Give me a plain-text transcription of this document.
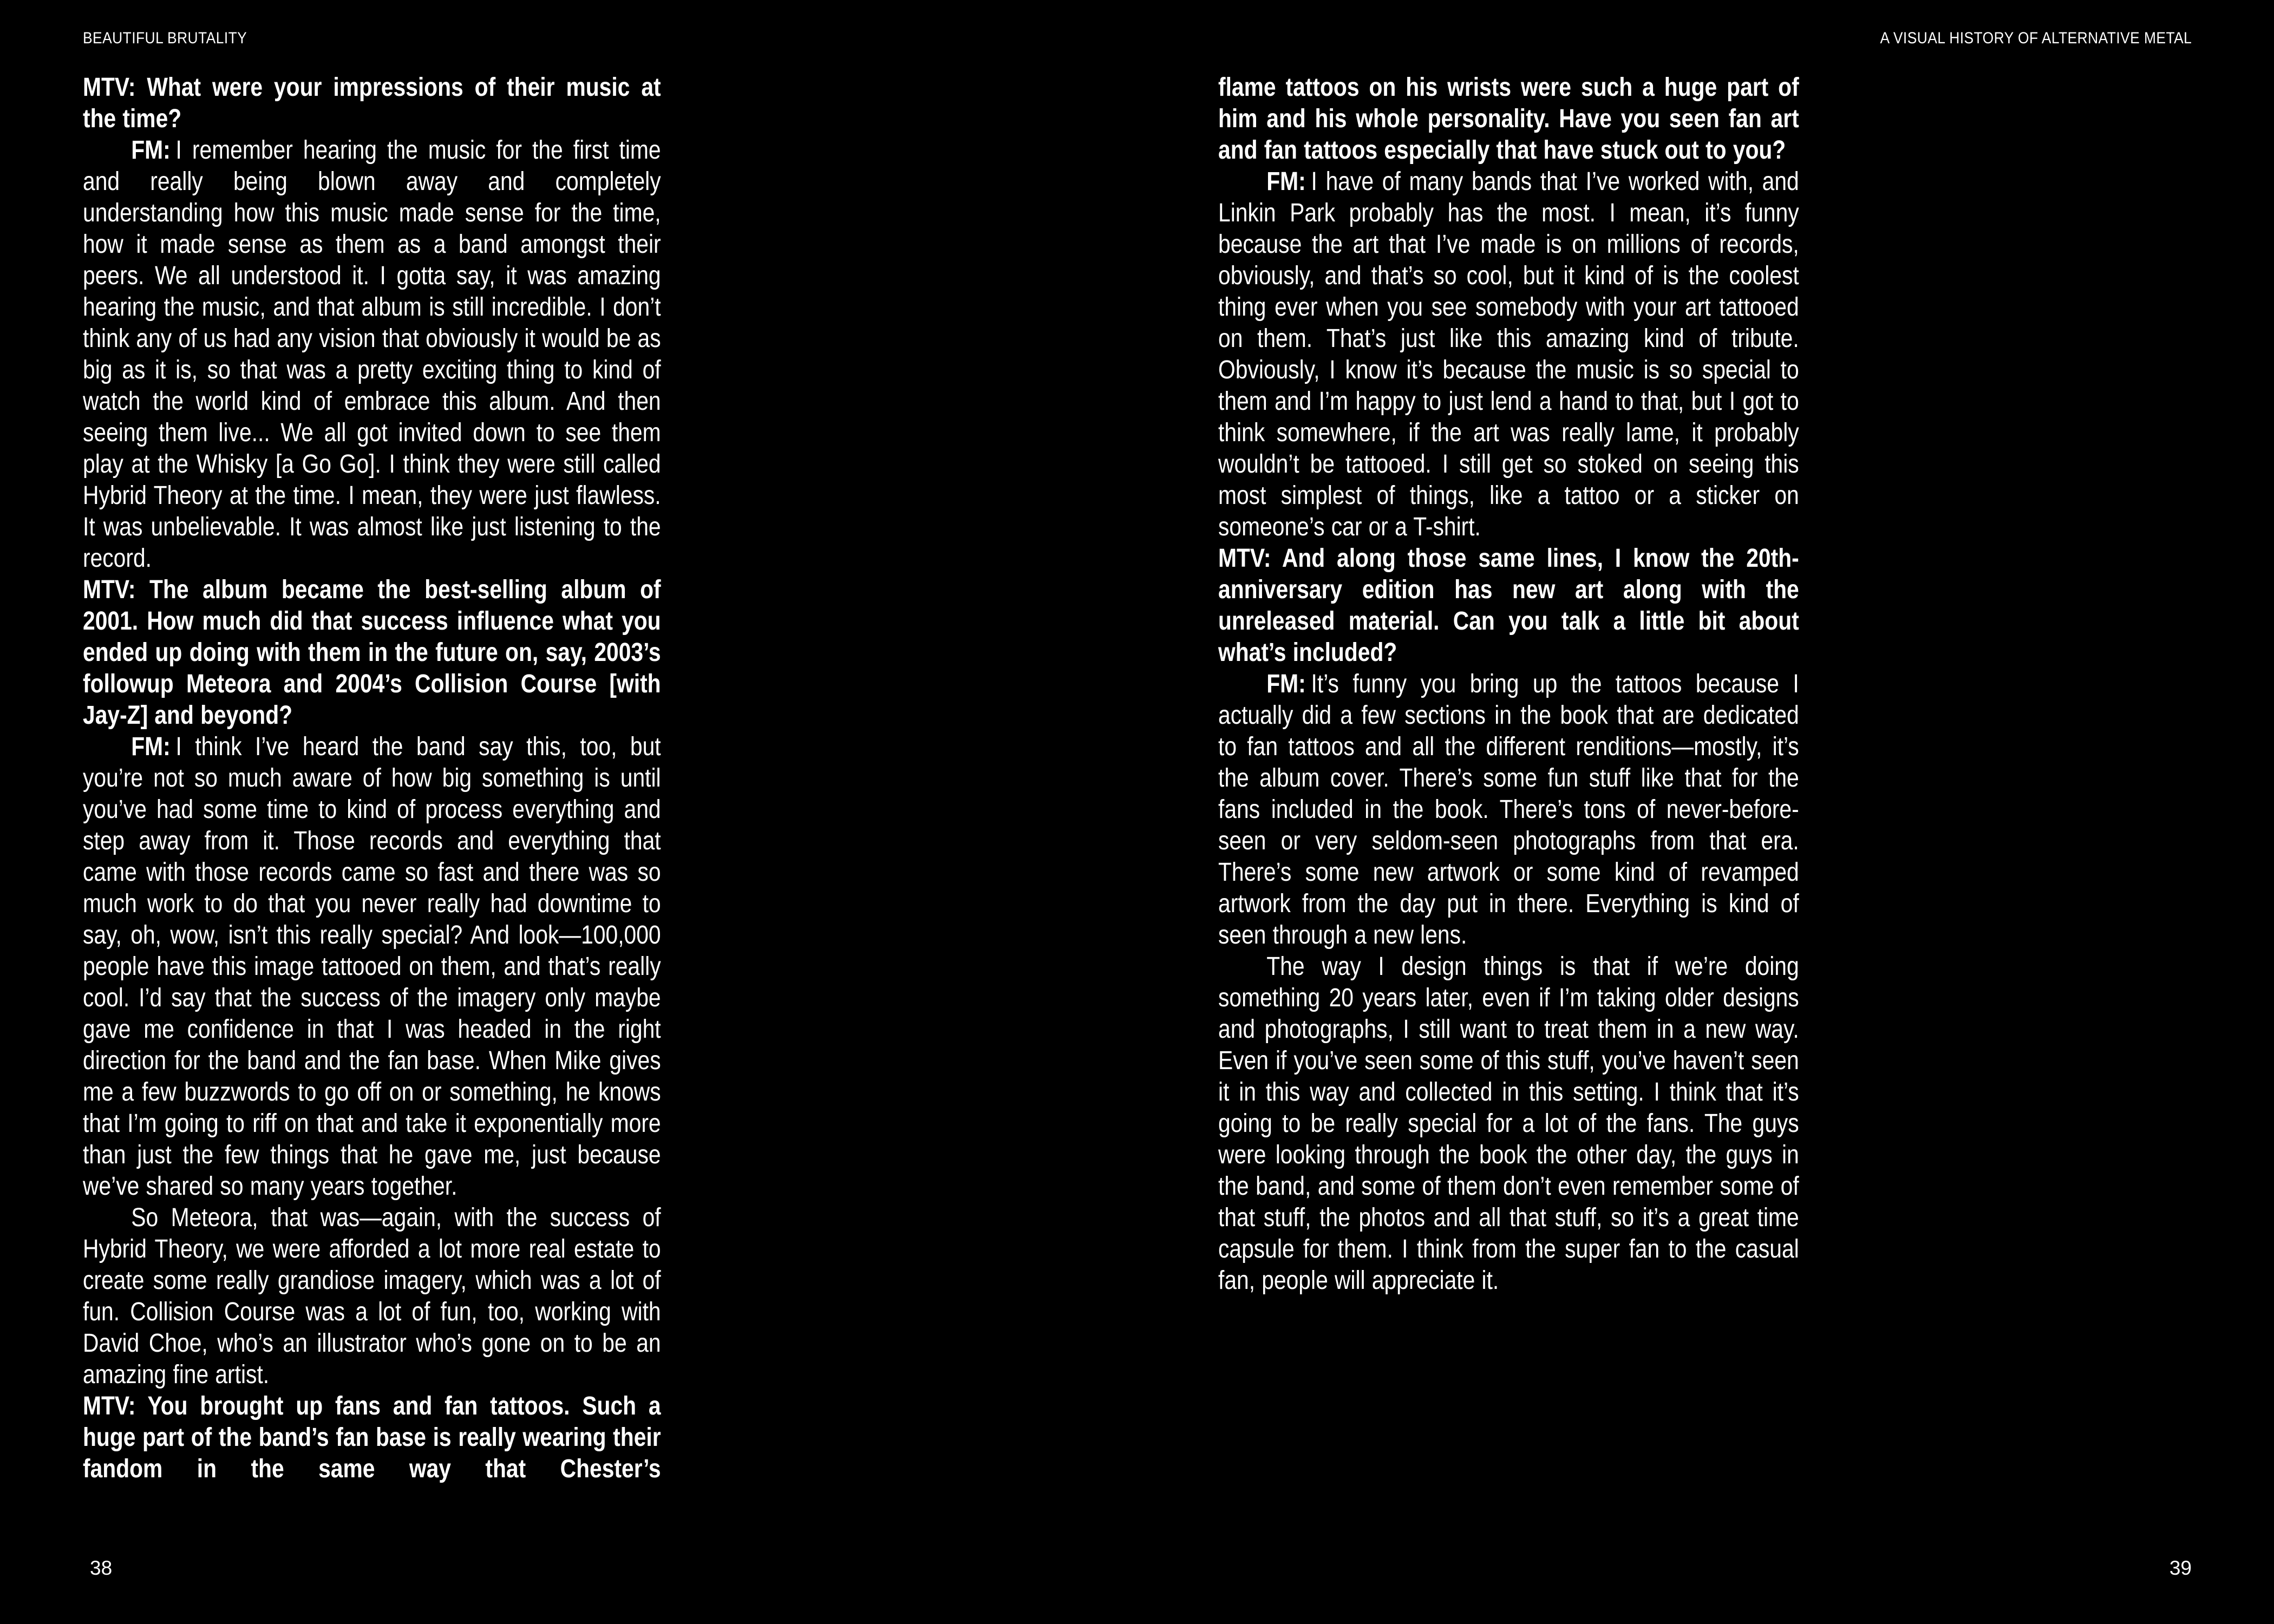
BEAUTIFUL BRUTALITY	A VISUAL HISTORY OF ALTERNATIVE METAL

MTV: What were your impressions of their music at the time?

FM: I remember hearing the music for the first time and really being blown away and completely understanding how this music made sense for the time, how it made sense as them as a band amongst their peers. We all understood it. I gotta say, it was amazing hearing the music, and that album is still incredible. I don’t think any of us had any vision that obviously it would be as big as it is, so that was a pretty exciting thing to kind of watch the world kind of embrace this album. And then seeing them live... We all got invited down to see them play at the Whisky [a Go Go]. I think they were still called Hybrid Theory at the time. I mean, they were just flawless. It was unbelievable. It was almost like just listening to the record.

MTV: The album became the best-selling album of 2001. How much did that success influence what you ended up doing with them in the future on, say, 2003’s followup Meteora and 2004’s Collision Course [with Jay-Z] and beyond?

FM: I think I’ve heard the band say this, too, but you’re not so much aware of how big something is until you’ve had some time to kind of process everything and step away from it. Those records and everything that came with those records came so fast and there was so much work to do that you never really had downtime to say, oh, wow, isn’t this really special? And look—100,000 people have this image tattooed on them, and that’s really cool. I’d say that the success of the imagery only maybe gave me confidence in that I was headed in the right direction for the band and the fan base. When Mike gives me a few buzzwords to go off on or something, he knows that I’m going to riff on that and take it exponentially more than just the few things that he gave me, just because we’ve shared so many years together.

So Meteora, that was—again, with the success of Hybrid Theory, we were afforded a lot more real estate to create some really grandiose imagery, which was a lot of fun. Collision Course was a lot of fun, too, working with David Choe, who’s an illustrator who’s gone on to be an amazing fine artist.

MTV: You brought up fans and fan tattoos. Such a huge part of the band’s fan base is really wearing their fandom in the same way that Chester’s

flame tattoos on his wrists were such a huge part of him and his whole personality. Have you seen fan art and fan tattoos especially that have stuck out to you?

FM: I have of many bands that I’ve worked with, and Linkin Park probably has the most. I mean, it’s funny because the art that I’ve made is on millions of records, obviously, and that’s so cool, but it kind of is the coolest thing ever when you see somebody with your art tattooed on them. That’s just like this amazing kind of tribute. Obviously, I know it’s because the music is so special to them and I’m happy to just lend a hand to that, but I got to think somewhere, if the art was really lame, it probably wouldn’t be tattooed. I still get so stoked on seeing this most simplest of things, like a tattoo or a sticker on someone’s car or a T-shirt.

MTV: And along those same lines, I know the 20th-anniversary edition has new art along with the unreleased material. Can you talk a little bit about what’s included?

FM: It’s funny you bring up the tattoos because I actually did a few sections in the book that are dedicated to fan tattoos and all the different renditions—mostly, it’s the album cover. There’s some fun stuff like that for the fans included in the book. There’s tons of never-before-seen or very seldom-seen photographs from that era. There’s some new artwork or some kind of revamped artwork from the day put in there. Everything is kind of seen through a new lens.

The way I design things is that if we’re doing something 20 years later, even if I’m taking older designs and photographs, I still want to treat them in a new way. Even if you’ve seen some of this stuff, you’ve haven’t seen it in this way and collected in this setting. I think that it’s going to be really special for a lot of the fans. The guys were looking through the book the other day, the guys in the band, and some of them don’t even remember some of that stuff, the photos and all that stuff, so it’s a great time capsule for them. I think from the super fan to the casual fan, people will appreciate it.

38	39
